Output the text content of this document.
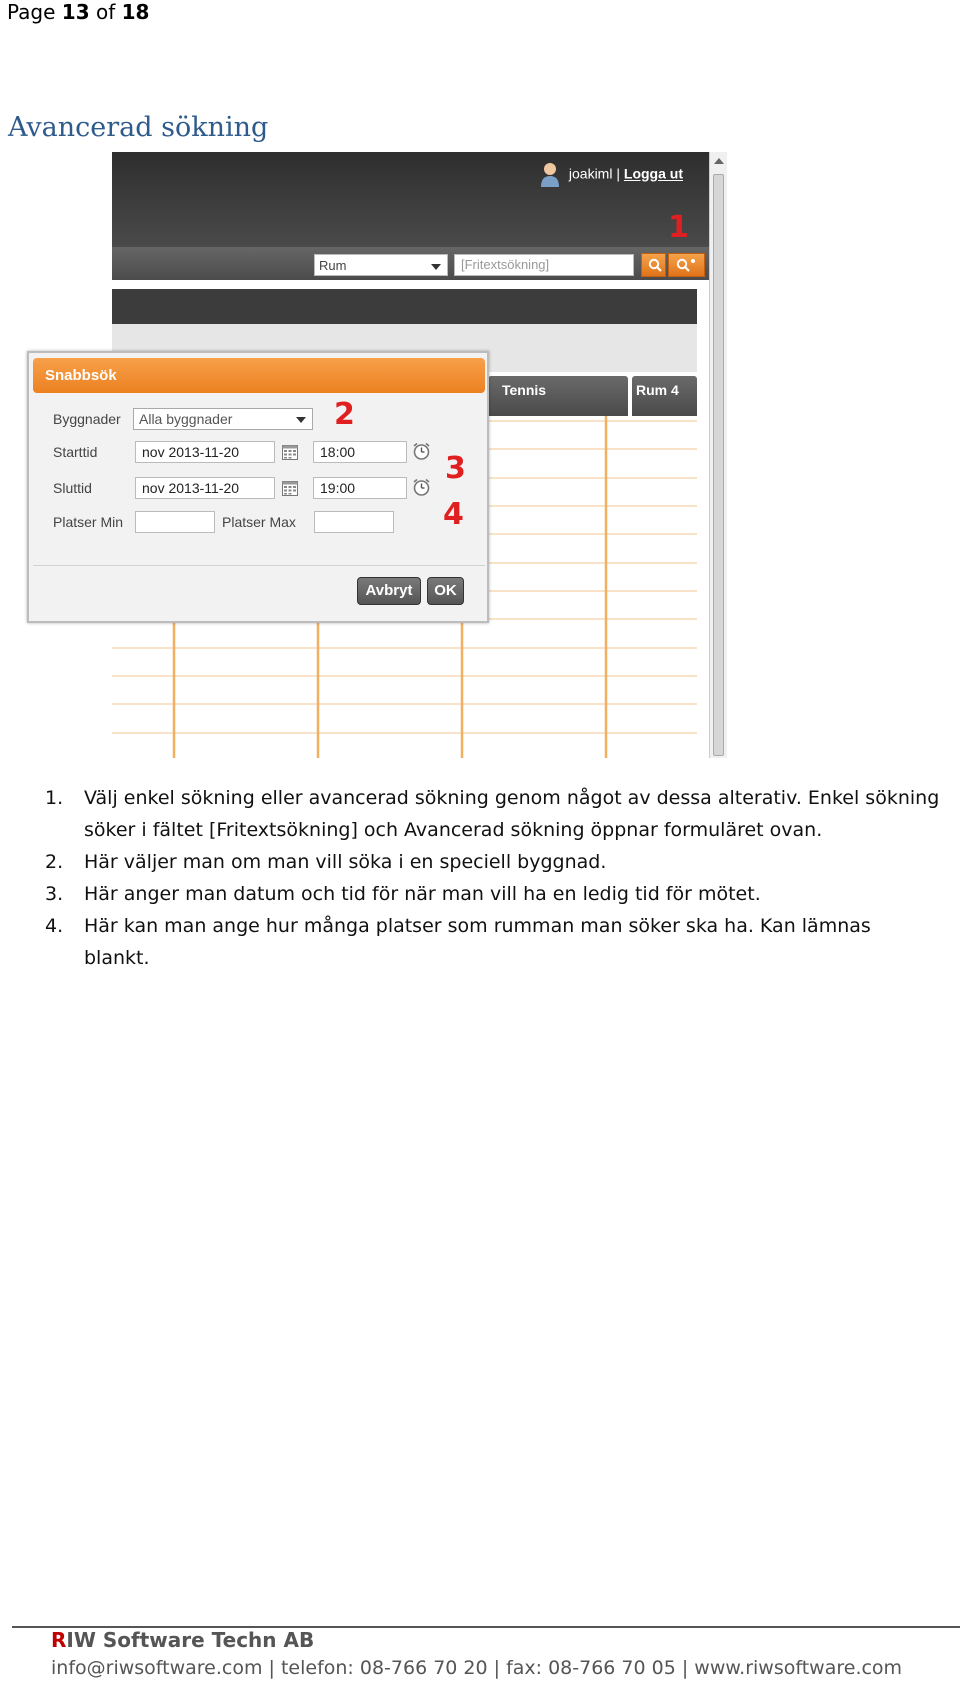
Page 13 of 18
Avancerad sökning
joakiml | Logga ut
Rum	[Fritextsökning]
1
Tennis	Rum 4
Snabbsök
Byggnader	Alla byggnader	2
Starttid	nov 2013-11-20	18:00
Sluttid	nov 2013-11-20	19:00
3
Platser Min	Platser Max	4
Avbryt	OK
1. Välj enkel sökning eller avancerad sökning genom något av dessa alterativ. Enkel sökning söker i fältet [Fritextsökning] och Avancerad sökning öppnar formuläret ovan.
2. Här väljer man om man vill söka i en speciell byggnad.
3. Här anger man datum och tid för när man vill ha en ledig tid för mötet.
4. Här kan man ange hur många platser som rumman man söker ska ha. Kan lämnas blankt.
RIW Software Techn AB
info@riwsoftware.com | telefon: 08-766 70 20 | fax: 08-766 70 05 | www.riwsoftware.com
